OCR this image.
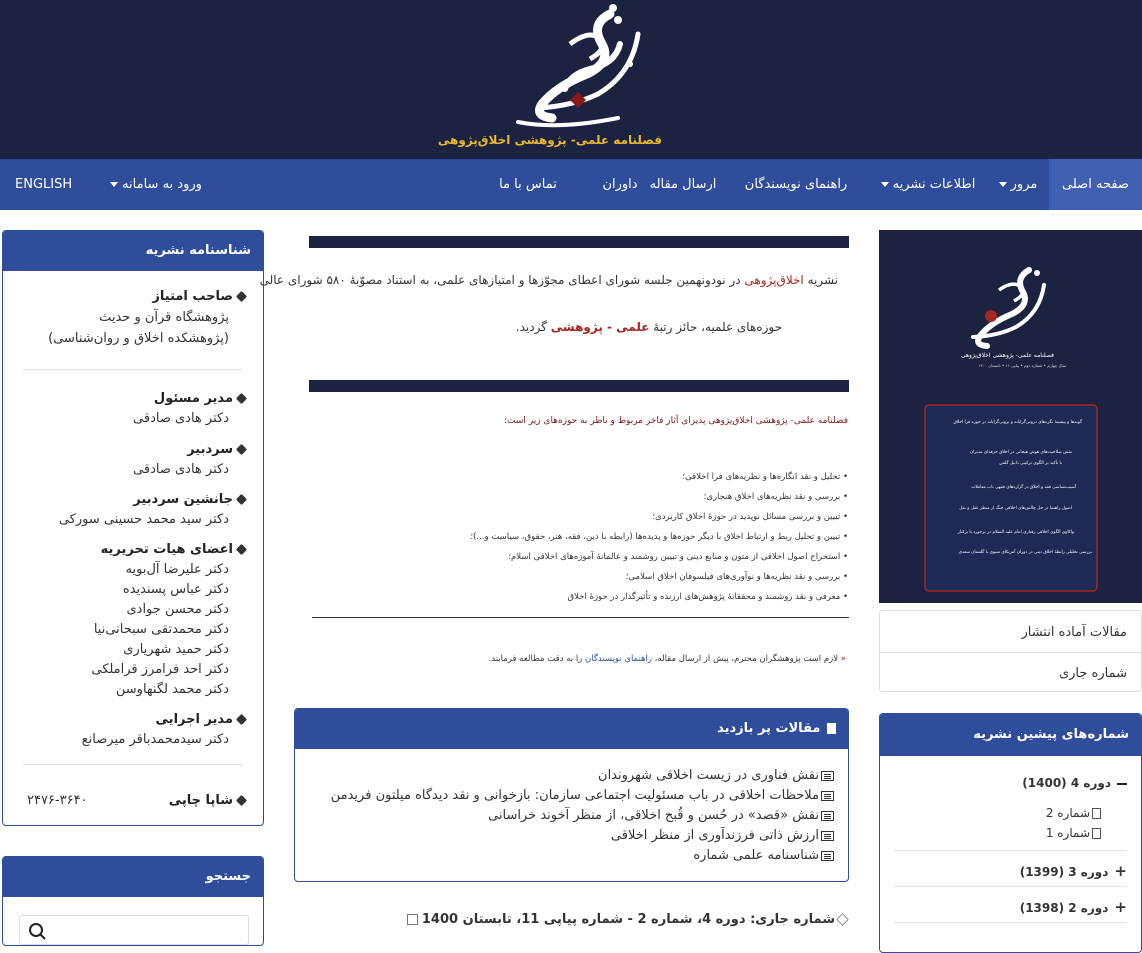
فصلنامه علمی- پژوهشی اخلاق‌پژوهی
صفحه اصلی
مرور
اطلاعات نشریه
راهنمای نویسندگان
ارسال مقاله
داوران
تماس با ما
ورود به سامانه
ENGLISH
شناسنامه نشریه
صاحب امتیاز
پژوهشگاه قرآن و حدیث
(پژوهشکده اخلاق و روان‌شناسی)
مدیر مسئول
دکتر هادی صادقی
سردبیر
دکتر هادی صادقی
جانشین سردبیر
دکتر سید محمد حسینی سورکی
اعضای هیات تحریریه
دکتر علیرضا آل‌بویه
دکتر عباس پسندیده
دکتر محسن جوادی
دکتر محمدتقی سبحانی‌نیا
دکتر حمید شهریاری
دکتر احد فرامرز قراملکی
دکتر محمد لگنهاوسن
مدیر اجرایی
دکتر سیدمحمدباقر میرصانع
شاپا چاپی
۲۴۷۶-۳۶۴۰
جستجو
نشریه اخلاق‌پژوهی در نودونهمین جلسه شورای اعطای مجوّزها و امتیازهای علمی، به استناد مصوّبهٔ ۵۸۰ شورای عالی
حوزه‌های علمیه، حائز رتبهٔ علمی - پژوهشی گردید.
فصلنامه علمی- پژوهشی اخلاق‌پژوهی پذیرای آثار فاخر مربوط و ناظر به حوزه‌های زیر است:
• تحلیل و نقد انگاره‌ها و نظریه‌های فرا اخلاقی؛
• بررسی و نقد نظریه‌های اخلاق هنجاری؛
• تبیین و بررسی مسائل نوپدید در حوزهٔ اخلاق کاربردی؛
• تبیین و تحلیل ربط و ارتباط اخلاق با دیگر حوزه‌ها و پدیده‌ها (رابطه با دین، فقه، هنر، حقوق، سیاست و...)؛
• استخراج اصول اخلاقی از متون و منابع دینی و تبیین روشمند و عالمانهٔ آموزه‌های اخلاقی اسلام؛
• بررسی و نقد نظریه‌ها و نوآوری‌های فیلسوفان اخلاق اسلامی؛
• معرفی و نقد روشمند و محققانهٔ پژوهش‌های ارزنده و تأثیرگذار در حوزهٔ اخلاق
« لازم است پژوهشگران محترم، پیش از ارسال مقاله، راهنمای نویسندگان را به دقت مطالعه فرمایند.
مقالات پر بازدید
نقش فناوری در زیست اخلاقی شهروندان
ملاحظات اخلاقی در باب مسئولیت اجتماعی سازمان: بازخوانی و نقد دیدگاه میلتون فریدمن
نقش «قصد» در حُسن و قُبح اخلاقی، از منظر آخوند خراسانی
ارزش ذاتی فرزندآوری از منظر اخلاقی
شناسنامه علمی شماره
شماره جاری: دوره 4، شماره 2 - شماره پیاپی 11، تابستان 1400
فصلنامه علمی- پژوهشی اخلاق‌پژوهی
سال چهارم • شماره دوم • پیاپی ۱۱ • تابستان ۱۴۰۰
گونه‌ها و پیشینهٔ نگره‌های درونی‌گرایانه و برونی‌گرایانه در حوزه فرا اخلاق
نقش صلاحیت‌های هوش هیجانی در اخلاق حرفه‌ای مدیران
با تأکید بر الگوی ترکیبی دانیل گلمن
آسیب‌شناسی فقه و اخلاق در گزاره‌های فقهی باب معاملات
اصول راهنما در حل چالش‌های اخلاقی جنگ از منظر عقل و نقل
واکاوی الگوی اخلاقی رفتاری امام عليه السلام در برخورد با برکنار
بررسی تحلیلی رابطهٔ اخلاق دینی در دوران آمریکای مینوی با گلستان سعدی
مقالات آماده انتشار
شماره جاری
شماره‌های پیشین نشریه
دوره 4 (1400)
شماره 2
شماره 1
+دوره 3 (1399)
+دوره 2 (1398)
